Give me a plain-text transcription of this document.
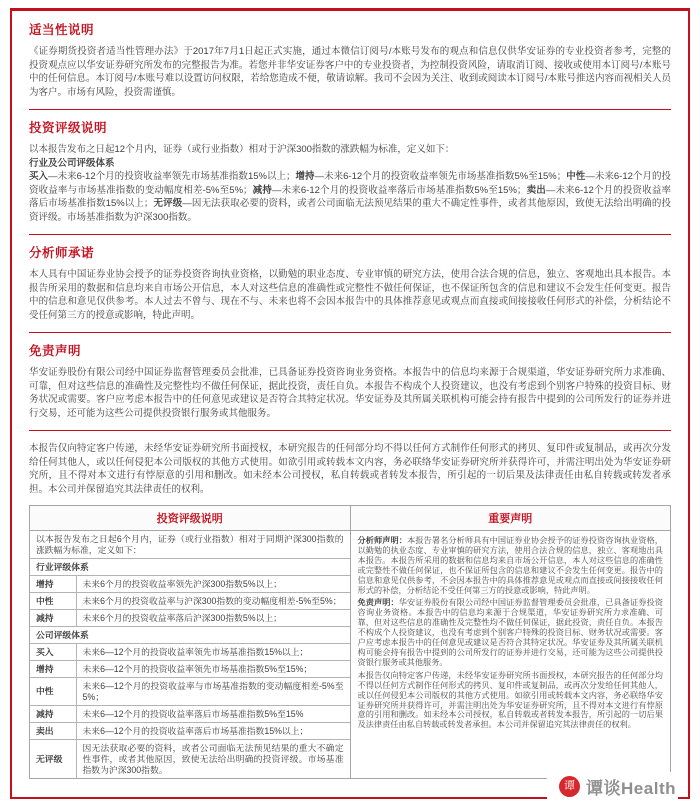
适当性说明

《证券期货投资者适当性管理办法》于2017年7月1日起正式实施，通过本微信订阅号/本账号发布的观点和信息仅供华安证券的专业投资者参考，完整的投资观点应以华安证券研究所发布的完整报告为准。若您并非华安证券客户中的专业投资者，为控制投资风险，请取消订阅、接收或使用本订阅号/本账号中的任何信息。本订阅号/本账号难以设置访问权限，若给您造成不便，敬请谅解。我司不会因为关注、收到或阅读本订阅号/本账号推送内容而视相关人员为客户。市场有风险，投资需谨慎。

投资评级说明

以本报告发布之日起12个月内，证券（或行业指数）相对于沪深300指数的涨跌幅为标准，定义如下：

行业及公司评级体系

买入—未来6-12个月的投资收益率领先市场基准指数15%以上；增持—未来6-12个月的投资收益率领先市场基准指数5%至15%；中性—未来6-12个月的投资收益率与市场基准指数的变动幅度相差-5%至5%；减持—未来6-12个月的投资收益率落后市场基准指数5%至15%；卖出—未来6-12个月的投资收益率落后市场基准指数15%以上；无评级—因无法获取必要的资料，或者公司面临无法预见结果的重大不确定性事件，或者其他原因，致使无法给出明确的投资评级。市场基准指数为沪深300指数。

分析师承诺

本人具有中国证券业协会授予的证券投资咨询执业资格，以勤勉的职业态度、专业审慎的研究方法，使用合法合规的信息，独立、客观地出具本报告。本报告所采用的数据和信息均来自市场公开信息，本人对这些信息的准确性或完整性不做任何保证，也不保证所包含的信息和建议不会发生任何变更。报告中的信息和意见仅供参考。本人过去不曾与、现在不与、未来也将不会因本报告中的具体推荐意见或观点而直接或间接接收任何形式的补偿，分析结论不受任何第三方的授意或影响，特此声明。

免责声明

华安证券股份有限公司经中国证券监督管理委员会批准，已具备证券投资咨询业务资格。本报告中的信息均来源于合规渠道，华安证券研究所力求准确、可靠，但对这些信息的准确性及完整性均不做任何保证，据此投资，责任自负。本报告不构成个人投资建议，也没有考虑到个别客户特殊的投资目标、财务状况或需要。客户应考虑本报告中的任何意见或建议是否符合其特定状况。华安证券及其所属关联机构可能会持有报告中提到的公司所发行的证券并进行交易，还可能为这些公司提供投资银行服务或其他服务。

本报告仅向特定客户传递，未经华安证券研究所书面授权，本研究报告的任何部分均不得以任何方式制作任何形式的拷贝、复印件或复制品，或再次分发给任何其他人，或以任何侵犯本公司版权的其他方式使用。如欲引用或转载本文内容，务必联络华安证券研究所并获得许可，并需注明出处为华安证券研究所，且不得对本文进行有悖原意的引用和删改。如未经本公司授权，私自转载或者转发本报告，所引起的一切后果及法律责任由私自转载或转发者承担。本公司并保留追究其法律责任的权利。

投资评级说明	重要声明

以本报告发布之日起6个月内，证券（或行业指数）相对于同期沪深300指数的涨跌幅为标准，定义如下：
行业评级体系
增持	未来6个月的投资收益率领先沪深300指数5%以上；
中性	未来6个月的投资收益率与沪深300指数的变动幅度相差-5%至5%；
减持	未来6个月的投资收益率落后沪深300指数5%以上；
公司评级体系
买入	未来6—12个月的投资收益率领先市场基准指数15%以上；
增持	未来6—12个月的投资收益率领先市场基准指数5%至15%；
中性	未来6—12个月的投资收益率与市场基准指数的变动幅度相差-5%至5%；
减持	未来6—12个月的投资收益率落后市场基准指数5%至15%
卖出	未来6—12个月的投资收益率落后市场基准指数15%以上；
无评级	因无法获取必要的资料，或者公司面临无法预见结果的重大不确定性事件，或者其他原因，致使无法给出明确的投资评级。市场基准指数为沪深300指数。

分析师声明：本报告署名分析师具有中国证券业协会授予的证券投资咨询执业资格，以勤勉的执业态度、专业审慎的研究方法，使用合法合规的信息，独立、客观地出具本报告。本报告所采用的数据和信息均来自市场公开信息，本人对这些信息的准确性或完整性不做任何保证，也不保证所包含的信息和建议不会发生任何变更。报告中的信息和意见仅供参考，不会因本报告中的具体推荐意见或观点而直接或间接接收任何形式的补偿，分析结论不受任何第三方的授意或影响，特此声明。

免责声明：华安证券股份有限公司经中国证券监督管理委员会批准，已具备证券投资咨询业务资格。本报告中的信息均来源于合规渠道，华安证券研究所力求准确、可靠，但对这些信息的准确性及完整性均不做任何保证，据此投资，责任自负。本报告不构成个人投资建议，也没有考虑到个别客户特殊的投资目标、财务状况或需要。客户应考虑本报告中的任何意见或建议是否符合其特定状况。华安证券及其所属关联机构可能会持有报告中提到的公司所发行的证券并进行交易，还可能为这些公司提供投资银行服务或其他服务。

本报告仅向特定客户传递，未经华安证券研究所书面授权，本研究报告的任何部分均不得以任何方式制作任何形式的拷贝、复印件或复制品，或再次分发给任何其他人，或以任何侵犯本公司版权的其他方式使用。如欲引用或转载本文内容，务必联络华安证券研究所并获得许可，并需注明出处为华安证券研究所，且不得对本文进行有悖原意的引用和删改。如未经本公司授权，私自转载或者转发本报告，所引起的一切后果及法律责任由私自转载或转发者承担。本公司并保留追究其法律责任的权利。

谭 谭谈Health
